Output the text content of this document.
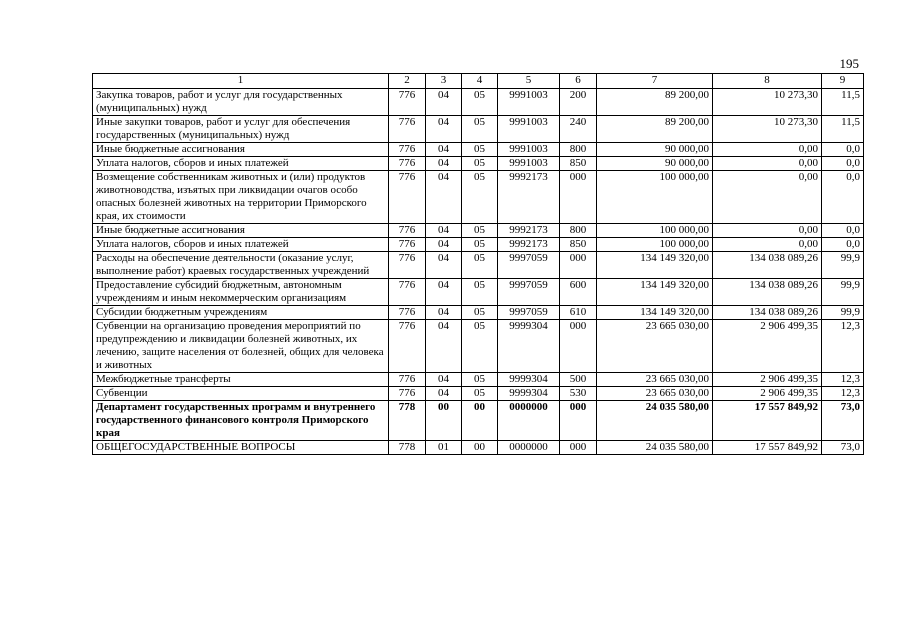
195
1	2	3	4	5	6	7	8	9
Закупка товаров, работ и услуг для государственных (муниципальных) нужд	776	04	05	9991003	200	89 200,00	10 273,30	11,5
Иные закупки товаров, работ и услуг для обеспечения государственных (муниципальных) нужд	776	04	05	9991003	240	89 200,00	10 273,30	11,5
Иные бюджетные ассигнования	776	04	05	9991003	800	90 000,00	0,00	0,0
Уплата налогов, сборов и иных платежей	776	04	05	9991003	850	90 000,00	0,00	0,0
Возмещение собственникам животных и (или) продуктов животноводства, изъятых при ликвидации очагов особо опасных болезней животных на территории Приморского края, их стоимости	776	04	05	9992173	000	100 000,00	0,00	0,0
Иные бюджетные ассигнования	776	04	05	9992173	800	100 000,00	0,00	0,0
Уплата налогов, сборов и иных платежей	776	04	05	9992173	850	100 000,00	0,00	0,0
Расходы на обеспечение деятельности (оказание услуг, выполнение работ) краевых государственных учреждений	776	04	05	9997059	000	134 149 320,00	134 038 089,26	99,9
Предоставление субсидий бюджетным, автономным учреждениям и иным некоммерческим организациям	776	04	05	9997059	600	134 149 320,00	134 038 089,26	99,9
Субсидии бюджетным учреждениям	776	04	05	9997059	610	134 149 320,00	134 038 089,26	99,9
Субвенции на организацию проведения мероприятий по предупреждению и ликвидации болезней животных, их лечению, защите населения от болезней, общих для человека и животных	776	04	05	9999304	000	23 665 030,00	2 906 499,35	12,3
Межбюджетные трансферты	776	04	05	9999304	500	23 665 030,00	2 906 499,35	12,3
Субвенции	776	04	05	9999304	530	23 665 030,00	2 906 499,35	12,3
Департамент государственных программ и внутреннего государственного финансового контроля Приморского края	778	00	00	0000000	000	24 035 580,00	17 557 849,92	73,0
ОБЩЕГОСУДАРСТВЕННЫЕ ВОПРОСЫ	778	01	00	0000000	000	24 035 580,00	17 557 849,92	73,0
